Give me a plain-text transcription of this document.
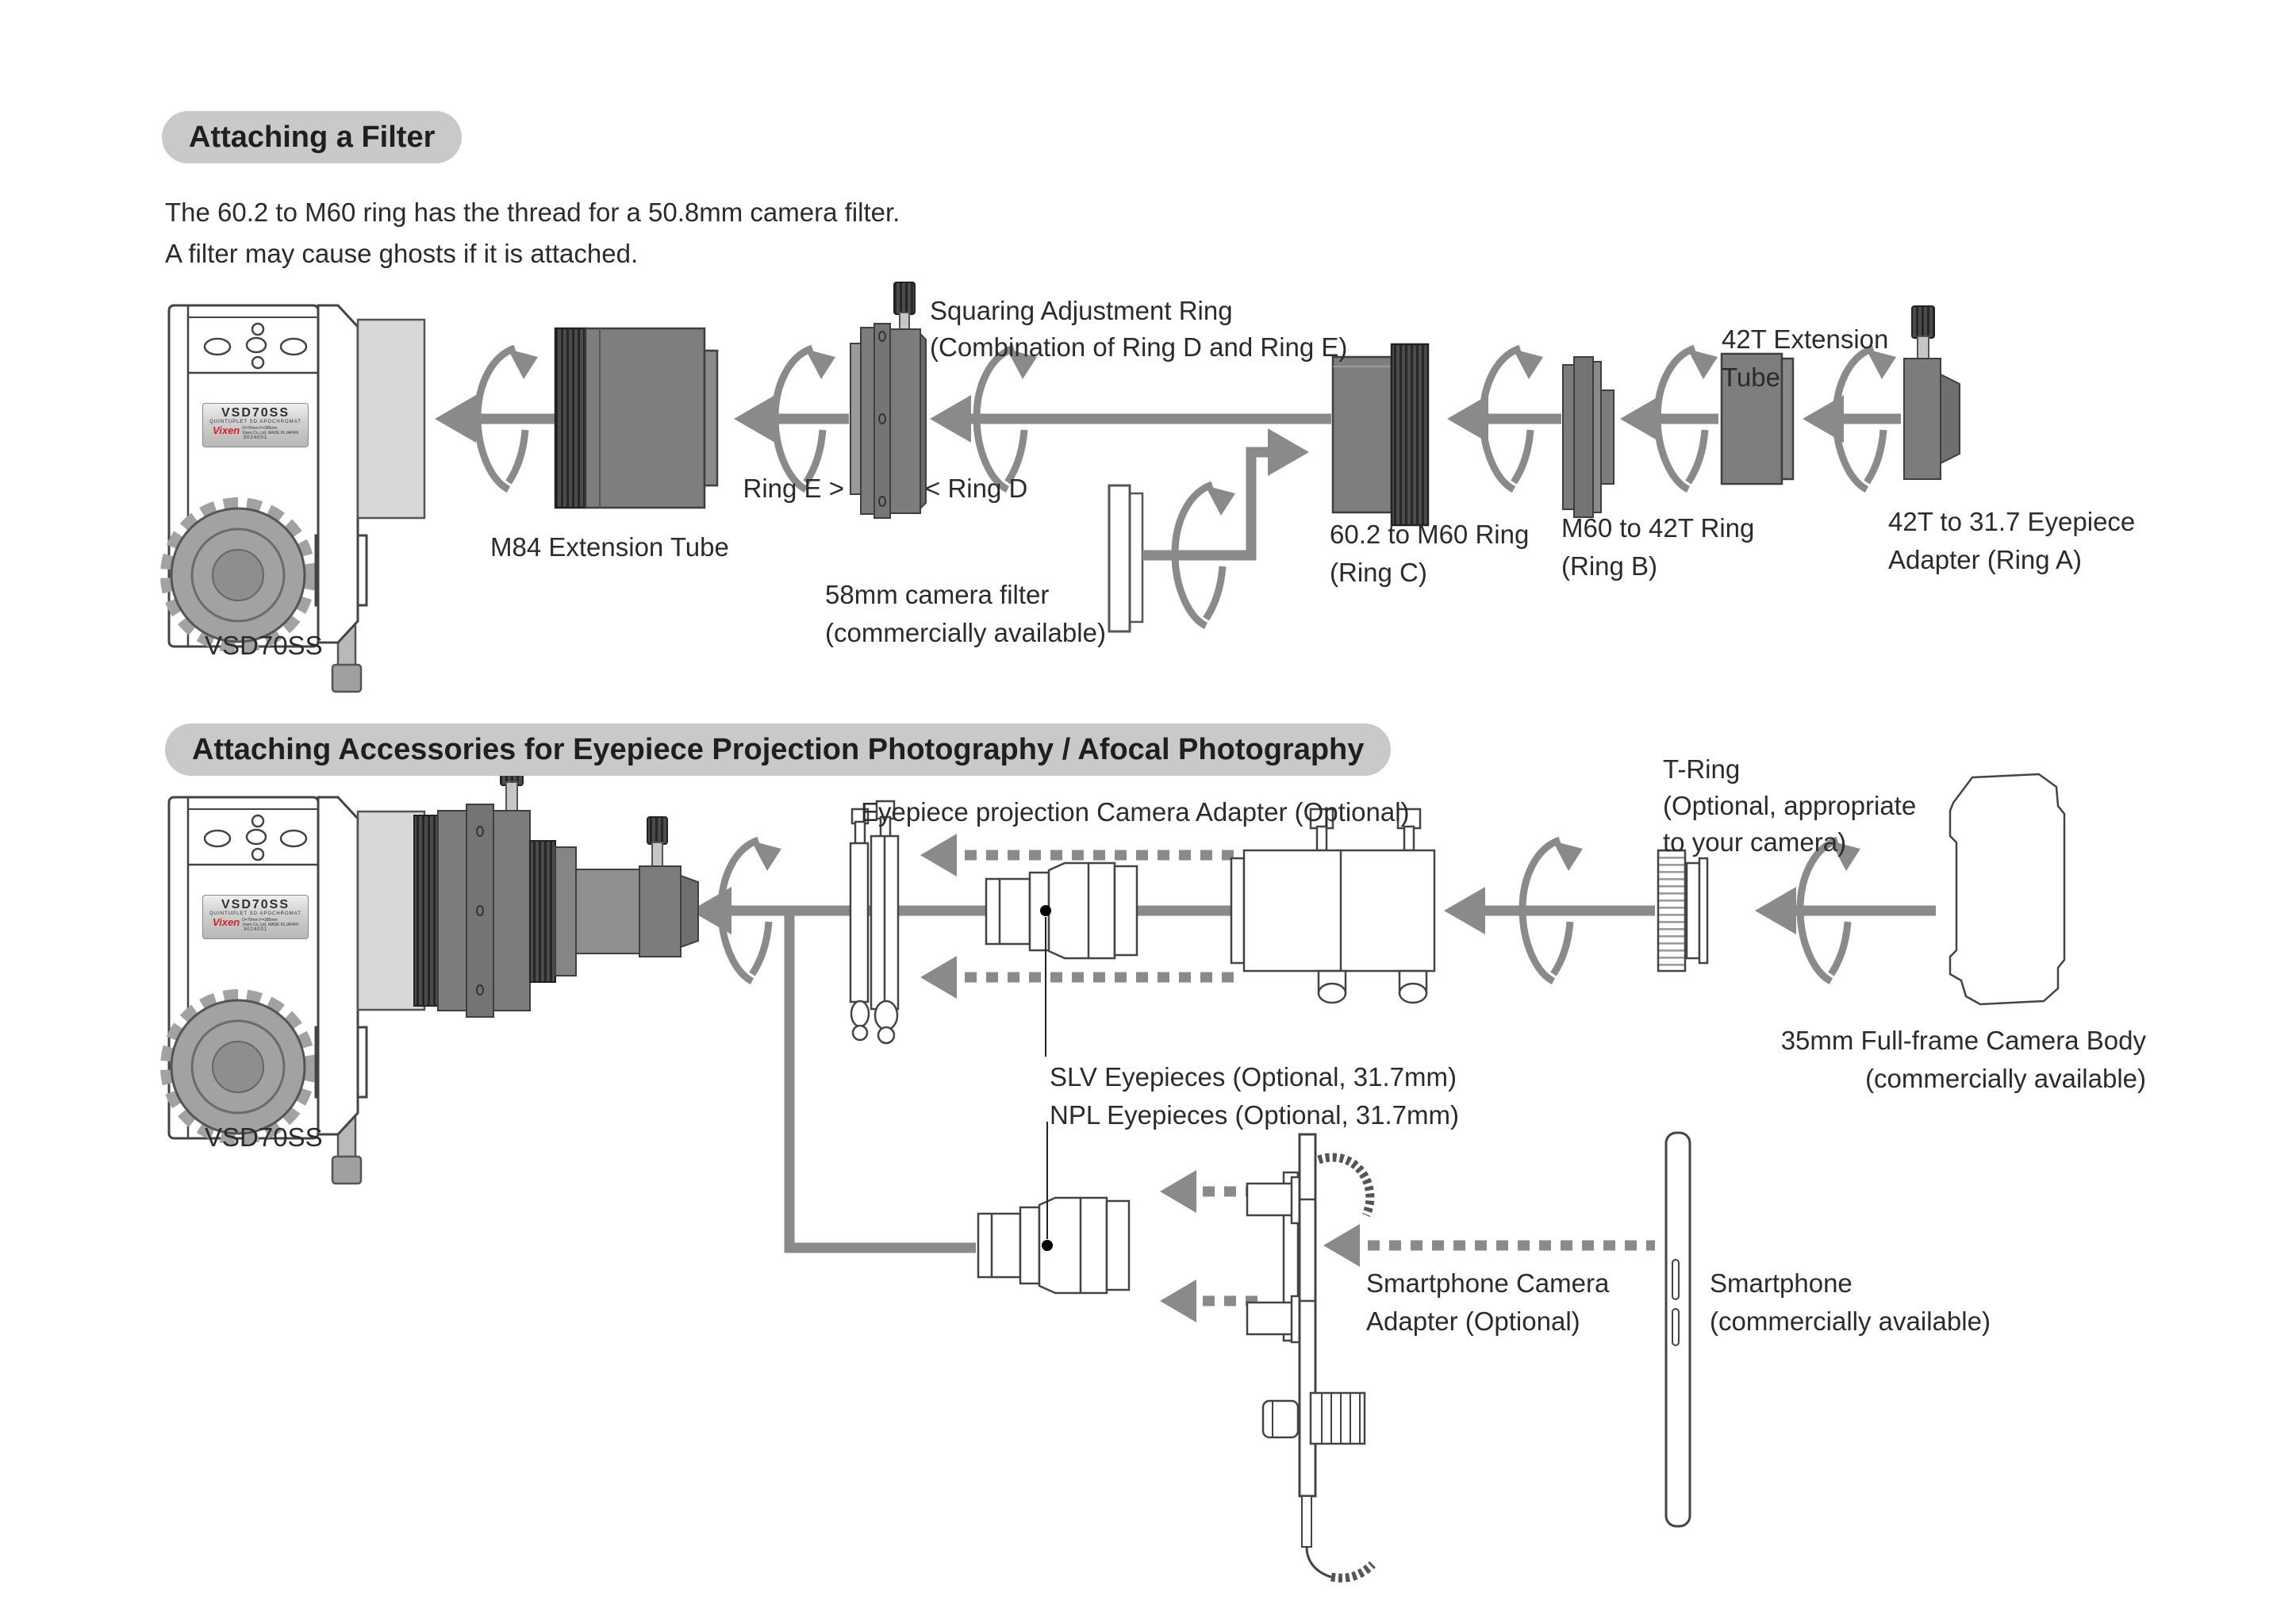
Attaching a Filter
The 60.2 to M60 ring has the thread for a 50.8mm camera filter.
A filter may cause ghosts if it is attached.
Squaring Adjustment Ring
(Combination of Ring D and Ring E)
Ring E >	< Ring D
M84 Extension Tube
58mm camera filter
(commercially available)
60.2 to M60 Ring
(Ring C)
M60 to 42T Ring
(Ring B)
42T Extension
Tube
42T to 31.7 Eyepiece
Adapter (Ring A)
VSD70SS
Attaching Accessories for Eyepiece Projection Photography / Afocal Photography
Eyepiece projection Camera Adapter (Optional)
T-Ring
(Optional, appropriate
to your camera)
35mm Full-frame Camera Body
(commercially available)
SLV Eyepieces (Optional, 31.7mm)
NPL Eyepieces (Optional, 31.7mm)
VSD70SS
Smartphone Camera
Adapter (Optional)
Smartphone
(commercially available)
VSD70SS
QUINTUPLET SD APOCHROMAT
Vixen D=70mm F=385mm
Vixen Co.,Ltd. MADE IN JAPAN
3024001
VSD70SS
QUINTUPLET SD APOCHROMAT
Vixen D=70mm F=385mm
Vixen Co.,Ltd. MADE IN JAPAN
3024001
